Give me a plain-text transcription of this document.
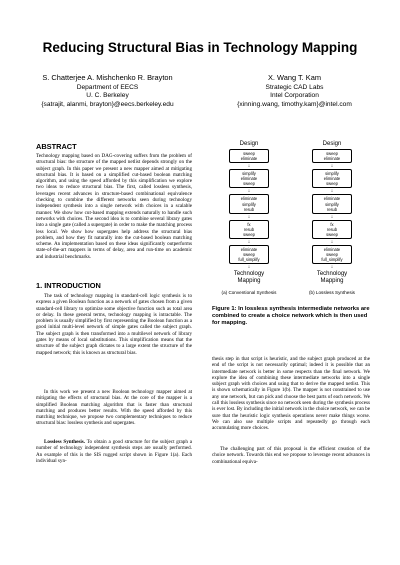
Reducing Structural Bias in Technology Mapping
S. Chatterjee A. Mishchenko R. Brayton
Department of EECS
U. C. Berkeley
{satrajit, alanmi, brayton}@eecs.berkeley.edu
X. Wang T. Kam
Strategic CAD Labs
Intel Corporation
{xinning.wang, timothy.kam}@intel.com
ABSTRACT

Technology mapping based on DAG-covering suffers from the problem of structural bias: the structure of the mapped netlist depends strongly on the subject graph. In this paper we present a new mapper aimed at mitigating structural bias. It is based on a simplified cut-based boolean matching algorithm, and using the speed afforded by this simplification we explore two ideas to reduce structural bias. The first, called lossless synthesis, leverages recent advances in structure-based combinational equivalence checking to combine the different networks seen during technology independent synthesis into a single network with choices in a scalable manner. We show how cut-based mapping extends naturally to handle such networks with choices. The second idea is to combine several library gates into a single gate (called a supergate) in order to make the matching process less local. We show how supergates help address the structural bias problem, and how they fit naturally into the cut-based boolean matching scheme. An implementation based on these ideas significantly outperforms state-of-the-art mappers in terms of delay, area and run-time on academic and industrial benchmarks.

1. INTRODUCTION

The task of technology mapping in standard-cell logic synthesis is to express a given Boolean function as a network of gates chosen from a given standard-cell library to optimize some objective function such as total area or delay. In these general terms, technology mapping is intractable. The problem is usually simplified by first representing the Boolean function as a good initial multi-level network of simple gates called the subject graph. The subject graph is then transformed into a multilevel network of library gates by means of local substitutions. This simplification means that the structure of the subject graph dictates to a large extent the structure of the mapped network; this is known as structural bias.

In this work we present a new Boolean technology mapper aimed at mitigating the effects of structural bias. At the core of the mapper is a simplified Boolean matching algorithm that is faster than structural matching and produces better results. With the speed afforded by this matching technique, we propose two complementary techniques to reduce structural bias: lossless synthesis and supergates.

Lossless Synthesis. To obtain a good structure for the subject graph a number of technology independent synthesis steps are usually performed. An example of this is the SIS rugged script shown in Figure 1(a). Each individual syn-

Design
sweep
eliminate
↓
simplify
eliminate
sweep
↓
eliminate
simplify
resub
↓
fx
resub
sweep
↓
eliminate
sweep
full_simplify
↓
Technology
Mapping
(a) Conventional Synthesis
Design
sweep
eliminate
↓
simplify
eliminate
sweep
↓
eliminate
simplify
resub
↓
fx
resub
sweep
↓
eliminate
sweep
full_simplify
↓
Technology
Mapping
(b) Lossless Synthesis

Figure 1: In lossless synthesis intermediate networks are combined to create a choice network which is then used for mapping.

thesis step in that script is heuristic, and the subject graph produced at the end of the script is not necessarily optimal; indeed it is possible that an intermediate network is better in some respects than the final network. We explore the idea of combining these intermediate networks into a single subject graph with choices and using that to derive the mapped netlist. This is shown schematically in Figure 1(b). The mapper is not constrained to use any one network, but can pick and choose the best parts of each network. We call this lossless synthesis since no network seen during the synthesis process is ever lost. By including the initial network in the choice network, we can be sure that the heuristic logic synthesis operations never make things worse. We can also use multiple scripts and repeatedly go through each accumulating more choices.

The challenging part of this proposal is the efficient creation of the choice network. Towards this end we propose to leverage recent advances in combinational equiva-
